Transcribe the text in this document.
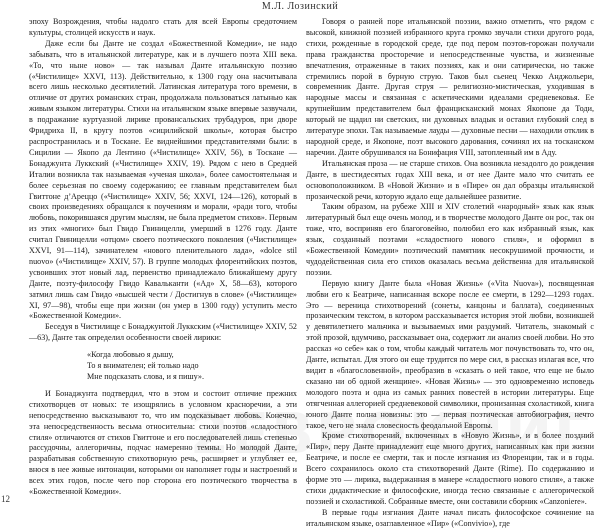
М.Л. Лозинский

эпоху Возрождения, чтобы надолго стать для всей Европы средоточием культуры, столицей искусств и наук.

Даже если бы Данте не создал «Божественной Комедии», не надо забывать, что в итальянской литературе, как и в лучшего поэта XIII века. «То, что ныне ново» — так называл Данте итальянскую поэзию («Чистилище» XXVI, 113). Действительно, к 1300 году она насчитывала всего лишь несколько десятилетий. Латинская литература того времени, в отличие от других романских стран, продолжала пользоваться латынью как живым языком литературы. Стихи на итальянском языке впервые зазвучали, в подражание куртуазной лирике провансальских трубадуров, при дворе Фридриха II, в кругу поэтов «сицилийской школы», которая быстро распространилась и в Тоскане. Ее виднейшими представителями были: в Сицилии — Якопо да Лентино («Чистилище» XXIV, 56), в Тоскане — Бонаджунта Луккский («Чистилище» XXIV, 19). Рядом с нею в Средней Италии возникла так называемая «ученая школа», более самостоятельная и более серьезная по своему содержанию; ее главным представителем был Гвиттоне д’Ареццо («Чистилище» XXIV, 56; XXVI, 124—126), который в своих произведениях обращался к поучениям и морали, «ради того, чтобы любовь, покорившаяся другим мыслям, не была предметом стихов». Первым из этих «многих» был Гвидо Гвиницелли, умерший в 1276 году. Данте считал Гвиницелли «отцом» своего поэтического поколения («Чистилище» XXVI, 91—114), зачинателем «нового пленительного лада», «dolce stil nuovo» («Чистилище» XXIV, 57). В группе молодых флорентийских поэтов, усвоивших этот новый лад, первенство принадлежало ближайшему другу Данте, поэту-философу Гвидо Кавальканти («Ад» X, 58—63), которого затмил лишь сам Гвидо «высшей чести / Достигнув в слове» («Чистилище» XI, 97—98), чтобы еще при жизни (он умер в 1300 году) уступить место «Божественной Комедии».

Беседуя в Чистилище с Бонаджунтой Луккским («Чистилище» XXIV, 52—63), Данте так определил особенности своей лирики:

«Когда любовью я дышу,
То я внимателен; ей только надо
Мне подсказать слова, и я пишу».

И Бонаджунта подтвердил, что в этом и состоит отличие прежних стихотворцев от новых: те изощрялись в условном красноречии, а эти непосредственно высказывают то, что им подсказывает любовь. Конечно, эта непосредственность весьма относительна: стихи поэтов «сладостного стиля» отличаются от стихов Гвиттоне и его последователей лишь степенью рассудочны, аллегоричны, подчас намеренно темны. Но молодой Данте, разрабатывая собственную стихотворную речь, расширяет и углубляет ее, внося в нее живые интонации, которыми он наполняет годы и настроений и всех этих годов, после чего пор сторона его поэтического творчества в «Божественной Комедии».

Говоря о ранней поре итальянской поэзии, важно отметить, что рядом с высокой, книжной поэзией избранного круга громко звучали стихи другого рода, стихи, рожденные в городской среде, где под пером поэтов-горожан получали права гражданства просторечие и непосредственные чувства, и жизненные впечатления, отраженные в таких поэзиях, как и они сатирически, но также стремились порой в бурную струю. Таков был сьенец Чекко Анджольери, современник Данте. Другая струя — религиозно-мистическая, уходившая в народные массы и связанная с аскетическими идеалами средневековья. Ее крупнейшим представителем был францисканский монах Якопоне да Тоди, который не щадил ни светских, ни духовных владык и оставил глубокий след в литературе эпохи. Так называемые лауды — духовные песни — находили отклик в народной среде, и Якопоне, поэт высокого дарования, сочинял их на тосканском наречии. Данте обрушивался на Бонифация VIII, затопленный им в Аду.

Итальянская проза — не старше стихов. Она возникла незадолго до рождения Данте, в шестидесятых годах XIII века, и от нее Данте мало что считать ее основоположником. В «Новой Жизни» и в «Пире» он дал образцы итальянской прозаической речи, которую ждало еще дальнейшее развитие.

Таким образом, на рубеже XIII и XIV столетий «народный» язык как язык литературный был еще очень молод, и в творчестве молодого Данте он рос, так он тоже, что, восприняв его благоговейно, полюбил его как избранный язык, как язык, созданный поэтами «сладостного нового стиля», и оформил в «Божественной Комедии» поэтический памятник несокрушимой прочности, и чудодейственная сила его стихов оказалась весьма действенна для итальянской поэзии.

Первую книгу Данте была «Новая Жизнь» («Vita Nuova»), посвященная любви его к Беатриче, написанная вскоре после ее смерти, в 1292—1293 годах. Это — вереница стихотворений (сонеты, канцоны и баллата), соединенных прозаическим текстом, в котором рассказывается история этой любви, возникшей у девятилетнего мальчика и вызываемых ими раздумий. Читатель, знакомый с этой прозой, вдумчиво, рассказывает она, содержит ли анализ своей любви. Но это рассказ «о себе» как о том, чтобы каждый читатель мог почувствовать то, что он, Данте, испытал. Для этого он еще трудится по мере сил, в рассказ излагая все, что видит в «благословенной», преобразив в «сказать о ней такое, что еще не было сказано ни об одной женщине». «Новая Жизнь» — это одновременно исповедь молодого поэта и одна из самых ранних повестей в истории литературы. Еще отягченная аллегорией средневековой символики, пронизанная схоластикой, книга юного Данте полна новизны: это — первая поэтическая автобиография, нечто такое, чего не знала словесность феодальной Европы.

Кроме стихотворений, включенных в «Новую Жизнь», и в более поздний «Пир», перу Данте принадлежит еще много других, написанных как при жизни Беатриче, и после ее смерти, так и после изгнания из Флоренции, так и в годы. Всего сохранилось около ста стихотворений Данте (Rime). По содержанию и форме это — лирика, выдержанная в манере «сладостного нового стиля», а также стихи дидактические и философские, иногда тесно связанные с аллегорической поэзией и схоластикой. Собранные вместе, они составили сборник «Canzoniere».

В первые годы изгнания Данте начал писать философское сочинение на итальянском языке, озаглавленное «Пир» («Convivio»), где

12
